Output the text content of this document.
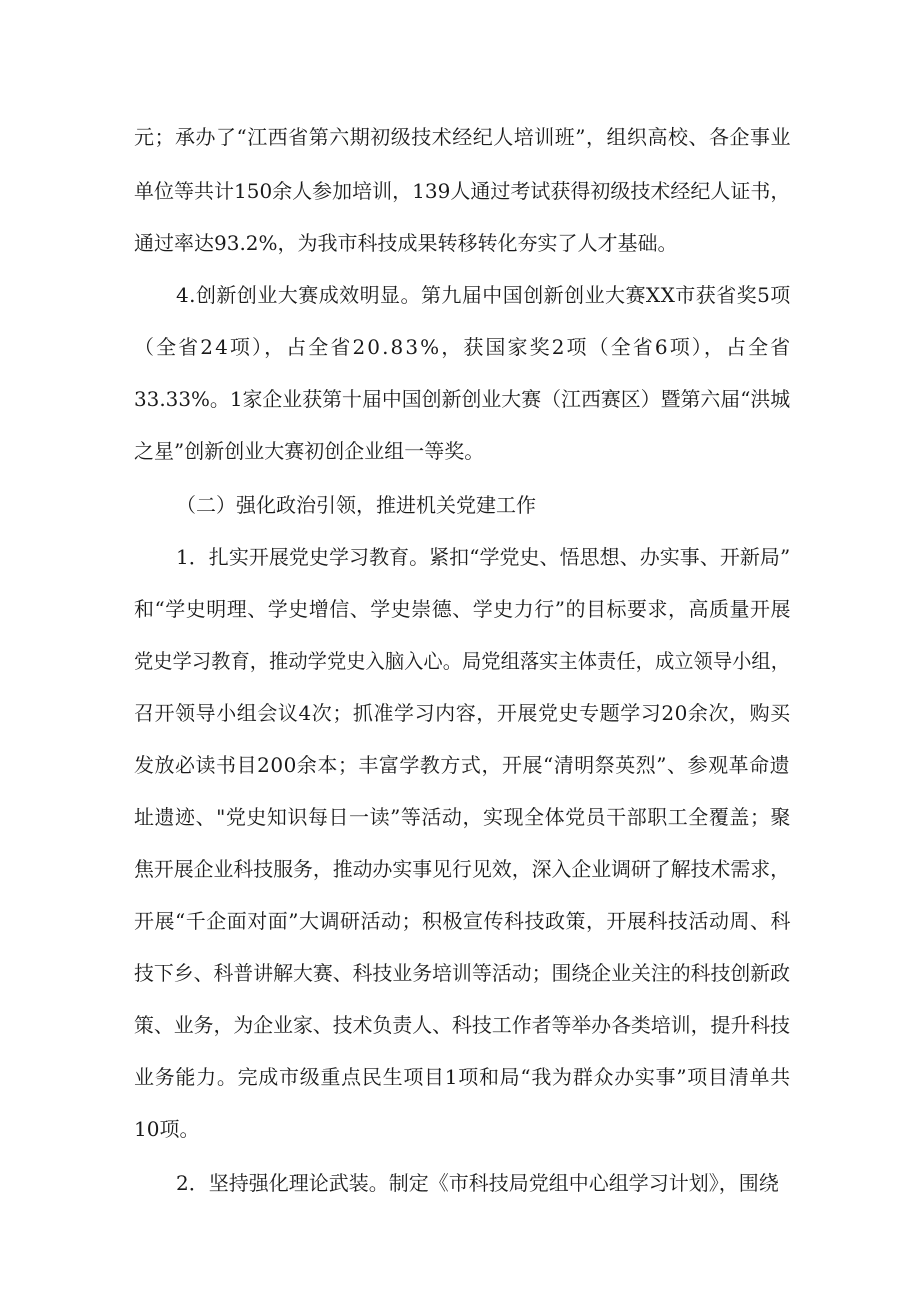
元；承办了“江西省第六期初级技术经纪人培训班”，组织高校、各企事业

单位等共计150余人参加培训，139人通过考试获得初级技术经纪人证书，

通过率达93.2%，为我市科技成果转移转化夯实了人才基础。

4.创新创业大赛成效明显。第九届中国创新创业大赛XX市获省奖5项

（全省24项），占全省20.83%，获国家奖2项（全省6项），占全省

33.33%。1家企业获第十届中国创新创业大赛（江西赛区）暨第六届“洪城

之星”创新创业大赛初创企业组一等奖。

（二）强化政治引领，推进机关党建工作

1．扎实开展党史学习教育。紧扣“学党史、悟思想、办实事、开新局”

和“学史明理、学史增信、学史崇德、学史力行”的目标要求，高质量开展

党史学习教育，推动学党史入脑入心。局党组落实主体责任，成立领导小组，

召开领导小组会议4次；抓准学习内容，开展党史专题学习20余次，购买

发放必读书目200余本；丰富学教方式，开展“清明祭英烈”、参观革命遗

址遗迹、"党史知识每日一读”等活动，实现全体党员干部职工全覆盖；聚

焦开展企业科技服务，推动办实事见行见效，深入企业调研了解技术需求，

开展“千企面对面”大调研活动；积极宣传科技政策，开展科技活动周、科

技下乡、科普讲解大赛、科技业务培训等活动；围绕企业关注的科技创新政

策、业务，为企业家、技术负责人、科技工作者等举办各类培训，提升科技

业务能力。完成市级重点民生项目1项和局“我为群众办实事”项目清单共

10项。

2．坚持强化理论武装。制定《市科技局党组中心组学习计划》，围绕
